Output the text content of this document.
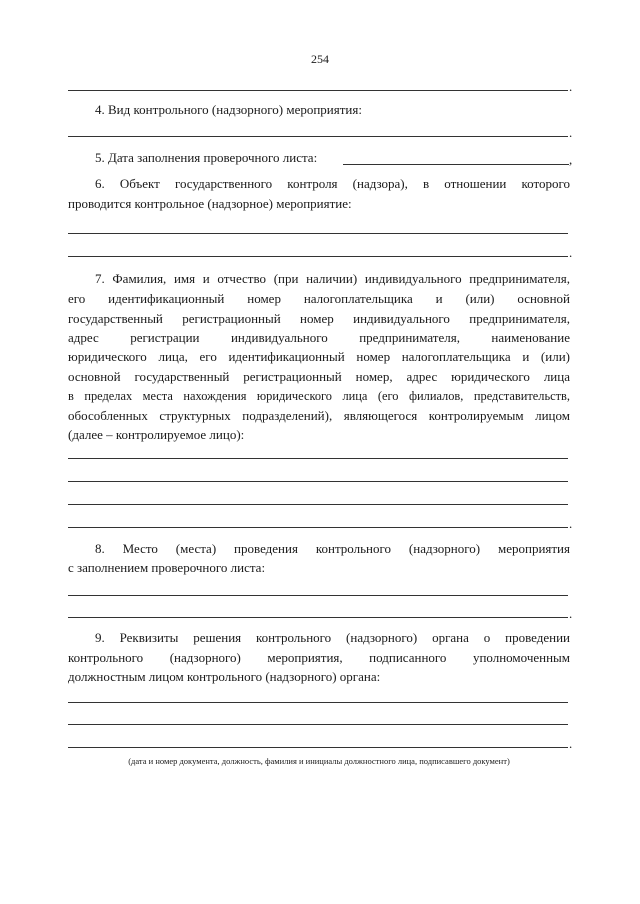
254
.
4. Вид контрольного (надзорного) мероприятия:
.
5. Дата заполнения проверочного листа:	,
6. Объект государственного контроля (надзора), в отношении которого
проводится контрольное (надзорное) мероприятие:
.
7. Фамилия, имя и отчество (при наличии) индивидуального предпринимателя,
его идентификационный номер налогоплательщика и (или) основной
государственный регистрационный номер индивидуального предпринимателя,
адрес регистрации индивидуального предпринимателя, наименование
юридического лица, его идентификационный номер налогоплательщика и (или)
основной государственный регистрационный номер, адрес юридического лица
в пределах места нахождения юридического лица (его филиалов, представительств,
обособленных структурных подразделений), являющегося контролируемым лицом
(далее – контролируемое лицо):
.
8. Место (места) проведения контрольного (надзорного) мероприятия
с заполнением проверочного листа:
.
9. Реквизиты решения контрольного (надзорного) органа о проведении
контрольного (надзорного) мероприятия, подписанного уполномоченным
должностным лицом контрольного (надзорного) органа:
.
(дата и номер документа, должность, фамилия и инициалы должностного лица, подписавшего документ)
